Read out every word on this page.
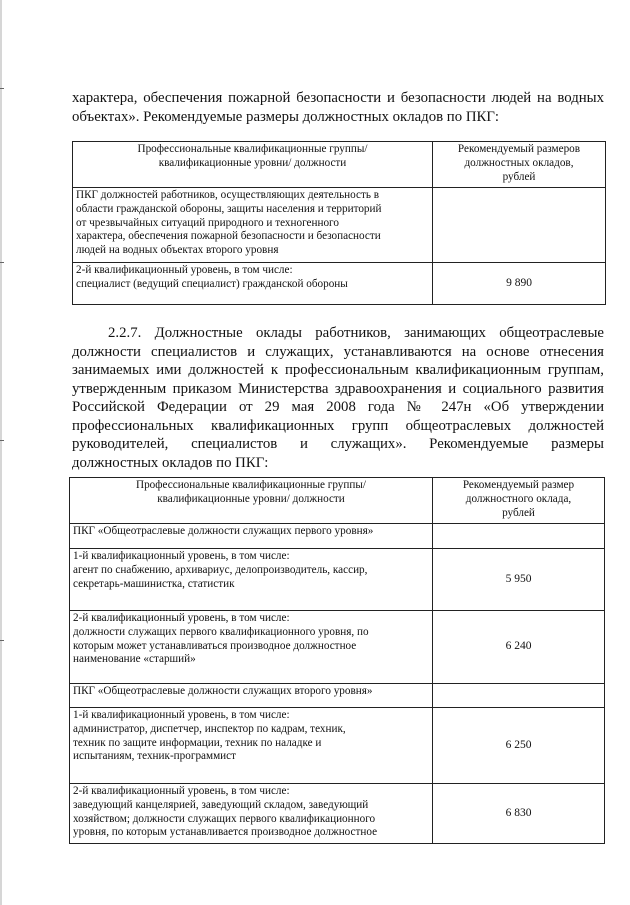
характера, обеспечения пожарной безопасности и безопасности людей на водных
объектах». Рекомендуемые размеры должностных окладов по ПКГ:

Профессиональные квалификационные группы/
квалификационные уровни/ должности	Рекомендуемый размеров
должностных окладов,
рублей

ПКГ должностей работников, осуществляющих деятельность в
области гражданской обороны, защиты населения и территорий
от чрезвычайных ситуаций природного и техногенного
характера, обеспечения пожарной безопасности и безопасности
людей на водных объектах второго уровня	

2-й квалификационный уровень, в том числе:
специалист (ведущий специалист) гражданской обороны	9 890

2.2.7. Должностные оклады работников, занимающих общеотраслевые
должности специалистов и служащих, устанавливаются на основе отнесения
занимаемых ими должностей к профессиональным квалификационным группам,
утвержденным приказом Министерства здравоохранения и социального развития
Российской Федерации от 29 мая 2008 года № 247н «Об утверждении
профессиональных квалификационных групп общеотраслевых должностей
руководителей, специалистов и служащих». Рекомендуемые размеры
должностных окладов по ПКГ:

Профессиональные квалификационные группы/
квалификационные уровни/ должности	Рекомендуемый размер
должностного оклада,
рублей

ПКГ «Общеотраслевые должности служащих первого уровня»	

1-й квалификационный уровень, в том числе:
агент по снабжению, архивариус, делопроизводитель, кассир,
секретарь-машинистка, статистик	5 950

2-й квалификационный уровень, в том числе:
должности служащих первого квалификационного уровня, по
которым может устанавливаться производное должностное
наименование «старший»	6 240

ПКГ «Общеотраслевые должности служащих второго уровня»	

1-й квалификационный уровень, в том числе:
администратор, диспетчер, инспектор по кадрам, техник,
техник по защите информации, техник по наладке и
испытаниям, техник-программист	6 250

2-й квалификационный уровень, в том числе:
заведующий канцелярией, заведующий складом, заведующий
хозяйством; должности служащих первого квалификационного
уровня, по которым устанавливается производное должностное	6 830
